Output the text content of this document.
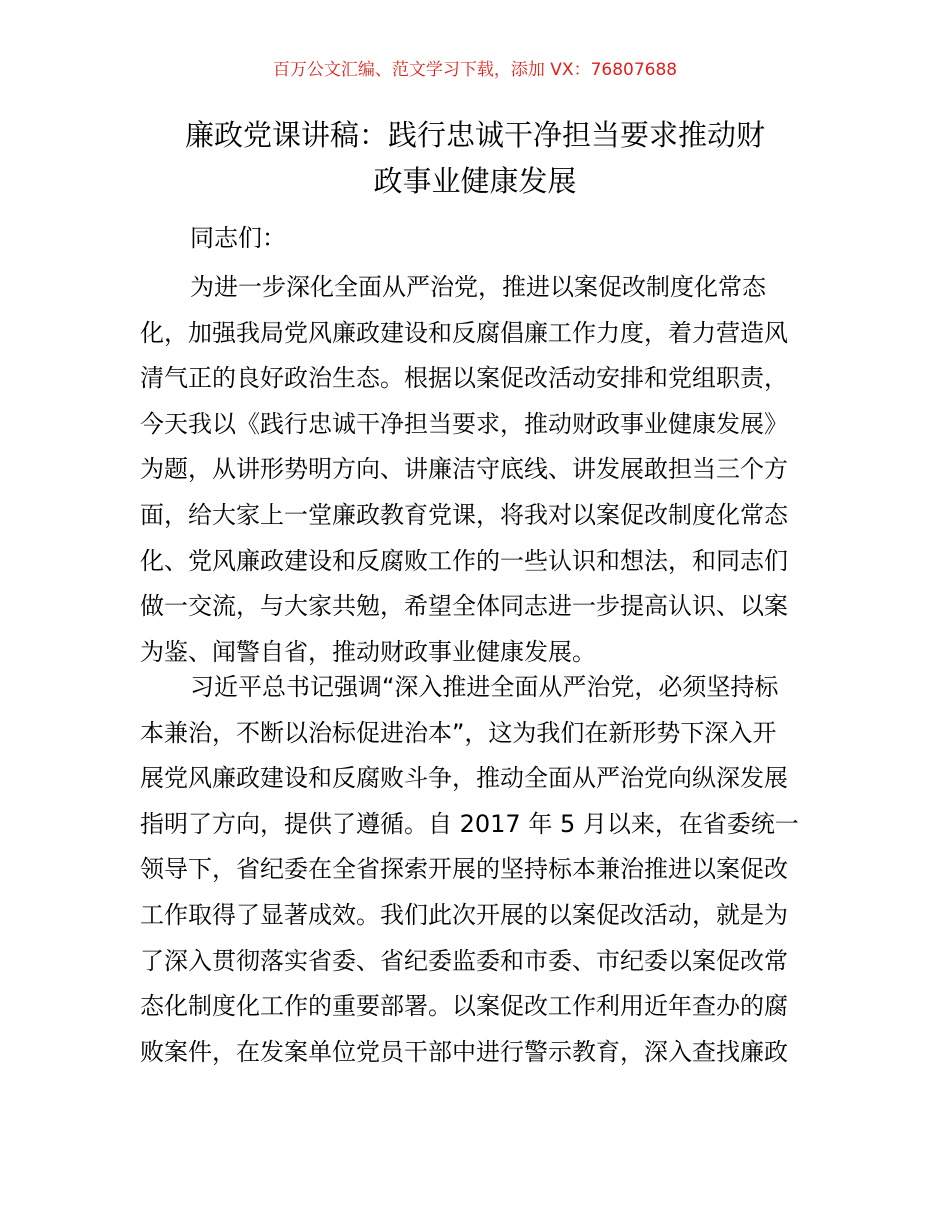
百万公文汇编、范文学习下载，添加 VX：76807688
廉政党课讲稿：践行忠诚干净担当要求推动财
政事业健康发展
同志们：
为进一步深化全面从严治党，推进以案促改制度化常态
化，加强我局党风廉政建设和反腐倡廉工作力度，着力营造风
清气正的良好政治生态。根据以案促改活动安排和党组职责，
今天我以《践行忠诚干净担当要求，推动财政事业健康发展》
为题，从讲形势明方向、讲廉洁守底线、讲发展敢担当三个方
面，给大家上一堂廉政教育党课，将我对以案促改制度化常态
化、党风廉政建设和反腐败工作的一些认识和想法，和同志们
做一交流，与大家共勉，希望全体同志进一步提高认识、以案
为鉴、闻警自省，推动财政事业健康发展。
习近平总书记强调“深入推进全面从严治党，必须坚持标
本兼治，不断以治标促进治本”，这为我们在新形势下深入开
展党风廉政建设和反腐败斗争，推动全面从严治党向纵深发展
指明了方向，提供了遵循。自 2017 年 5 月以来，在省委统一
领导下，省纪委在全省探索开展的坚持标本兼治推进以案促改
工作取得了显著成效。我们此次开展的以案促改活动，就是为
了深入贯彻落实省委、省纪委监委和市委、市纪委以案促改常
态化制度化工作的重要部署。以案促改工作利用近年查办的腐
败案件，在发案单位党员干部中进行警示教育，深入查找廉政
